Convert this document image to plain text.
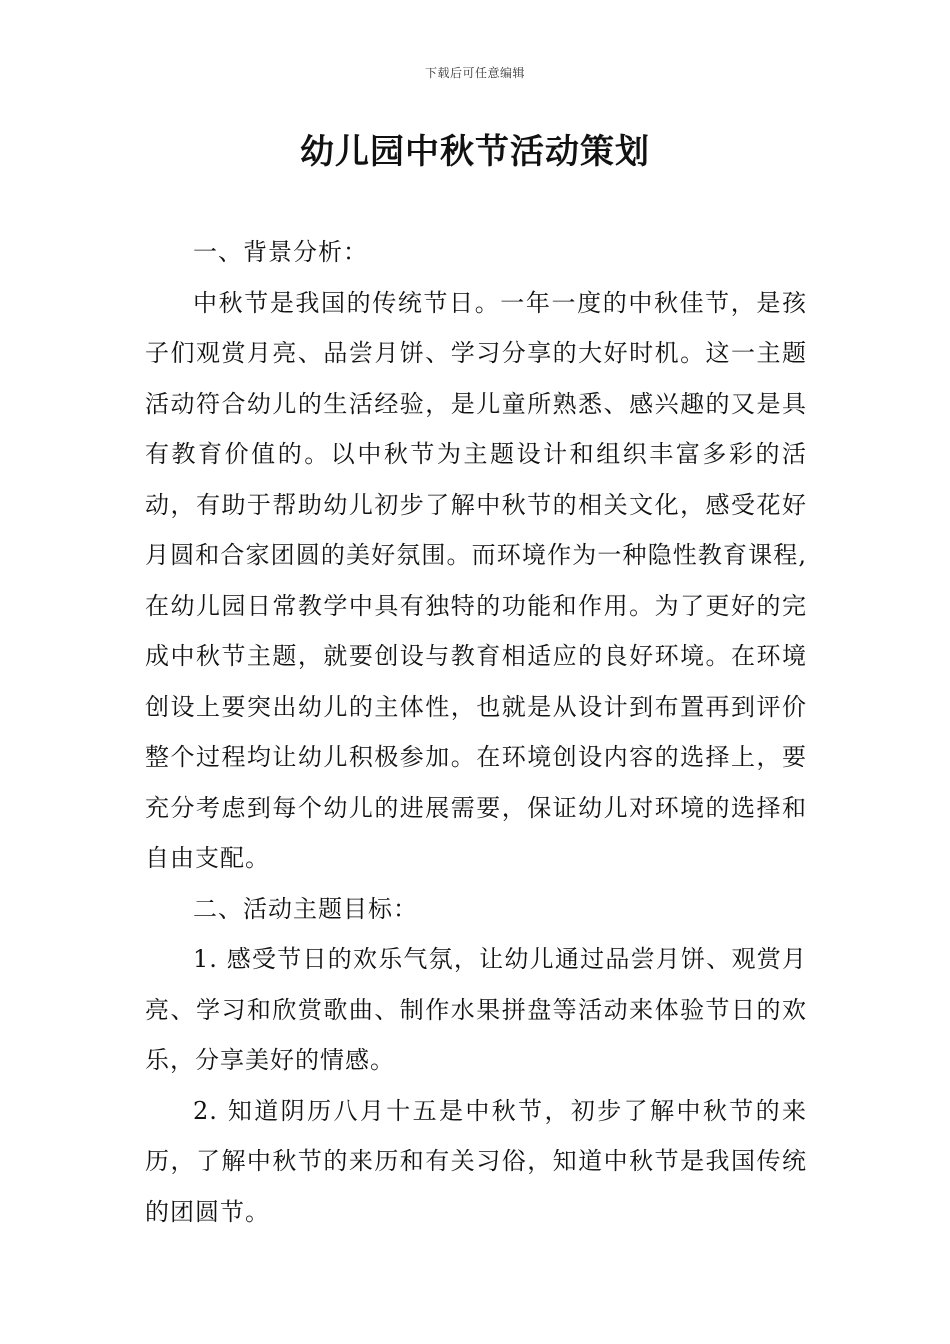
下载后可任意编辑
幼儿园中秋节活动策划

一、背景分析：

中秋节是我国的传统节日。一年一度的中秋佳节，是孩子们观赏月亮、品尝月饼、学习分享的大好时机。这一主题活动符合幼儿的生活经验，是儿童所熟悉、感兴趣的又是具有教育价值的。以中秋节为主题设计和组织丰富多彩的活动，有助于帮助幼儿初步了解中秋节的相关文化，感受花好月圆和合家团圆的美好氛围。而环境作为一种隐性教育课程,在幼儿园日常教学中具有独特的功能和作用。为了更好的完成中秋节主题，就要创设与教育相适应的良好环境。在环境创设上要突出幼儿的主体性，也就是从设计到布置再到评价整个过程均让幼儿积极参加。在环境创设内容的选择上，要充分考虑到每个幼儿的进展需要，保证幼儿对环境的选择和自由支配。

二、活动主题目标：

1. 感受节日的欢乐气氛，让幼儿通过品尝月饼、观赏月亮、学习和欣赏歌曲、制作水果拼盘等活动来体验节日的欢乐，分享美好的情感。

2. 知道阴历八月十五是中秋节，初步了解中秋节的来历，了解中秋节的来历和有关习俗，知道中秋节是我国传统的团圆节。
